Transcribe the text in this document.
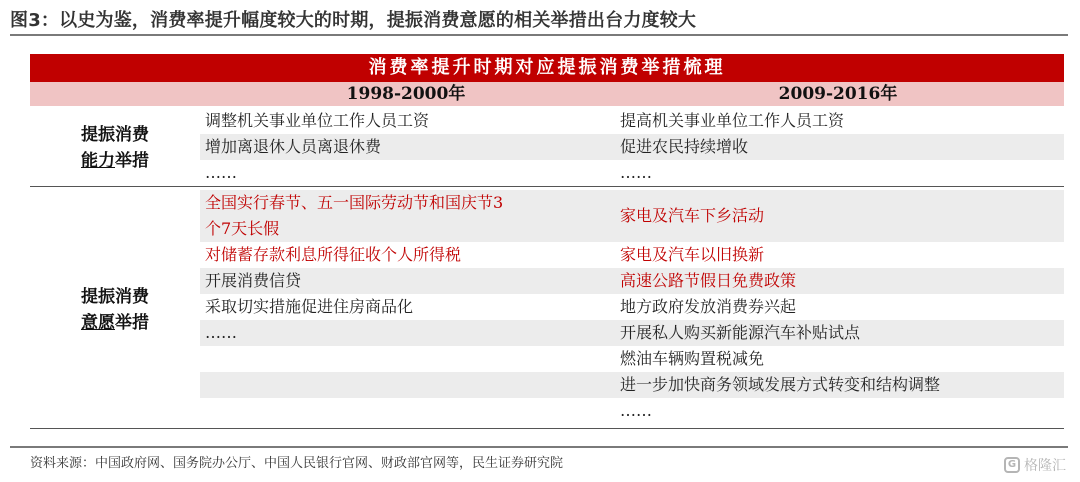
图3：以史为鉴，消费率提升幅度较大的时期，提振消费意愿的相关举措出台力度较大
消费率提升时期对应提振消费举措梳理
1998-2000年	2009-2016年
提振消费
能力举措
调整机关事业单位工作人员工资
增加离退休人员离退休费
……
提高机关事业单位工作人员工资
促进农民持续增收
……
提振消费
意愿举措
全国实行春节、五一国际劳动节和国庆节3
个7天长假
对储蓄存款利息所得征收个人所得税
开展消费信贷
采取切实措施促进住房商品化
……
家电及汽车下乡活动
家电及汽车以旧换新
高速公路节假日免费政策
地方政府发放消费券兴起
开展私人购买新能源汽车补贴试点
燃油车辆购置税减免
进一步加快商务领域发展方式转变和结构调整
……
资料来源：中国政府网、国务院办公厅、中国人民银行官网、财政部官网等，民生证券研究院	G 格隆汇
